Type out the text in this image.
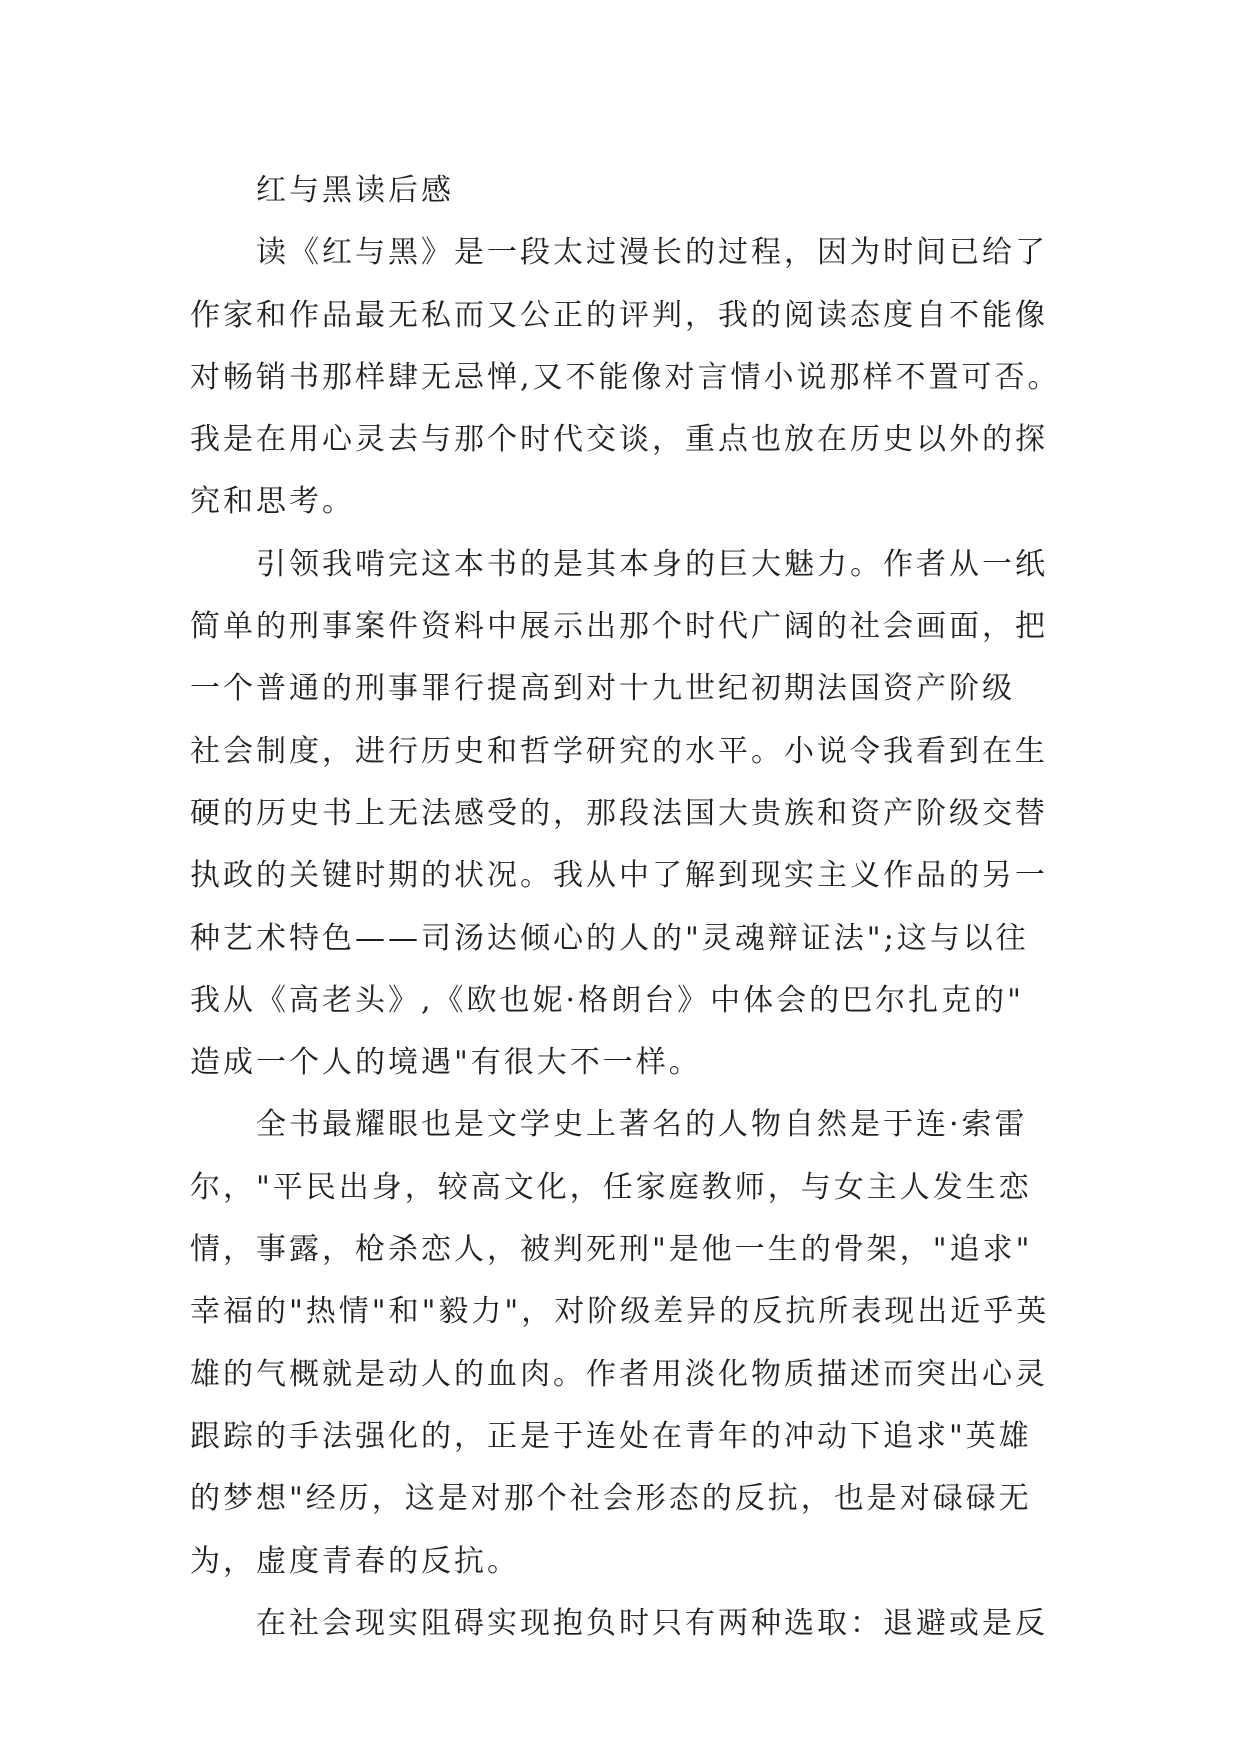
红与黑读后感
读《红与黑》是一段太过漫长的过程，因为时间已给了
作家和作品最无私而又公正的评判，我的阅读态度自不能像
对畅销书那样肆无忌惮,又不能像对言情小说那样不置可否。
我是在用心灵去与那个时代交谈，重点也放在历史以外的探
究和思考。
引领我啃完这本书的是其本身的巨大魅力。作者从一纸
简单的刑事案件资料中展示出那个时代广阔的社会画面，把
一个普通的刑事罪行提高到对十九世纪初期法国资产阶级
社会制度，进行历史和哲学研究的水平。小说令我看到在生
硬的历史书上无法感受的，那段法国大贵族和资产阶级交替
执政的关键时期的状况。我从中了解到现实主义作品的另一
种艺术特色——司汤达倾心的人的"灵魂辩证法";这与以往
我从《高老头》,《欧也妮·格朗台》中体会的巴尔扎克的"
造成一个人的境遇"有很大不一样。
全书最耀眼也是文学史上著名的人物自然是于连·索雷
尔，"平民出身，较高文化，任家庭教师，与女主人发生恋
情，事露，枪杀恋人，被判死刑"是他一生的骨架，"追求"
幸福的"热情"和"毅力"，对阶级差异的反抗所表现出近乎英
雄的气概就是动人的血肉。作者用淡化物质描述而突出心灵
跟踪的手法强化的，正是于连处在青年的冲动下追求"英雄
的梦想"经历，这是对那个社会形态的反抗，也是对碌碌无
为，虚度青春的反抗。
在社会现实阻碍实现抱负时只有两种选取：退避或是反
